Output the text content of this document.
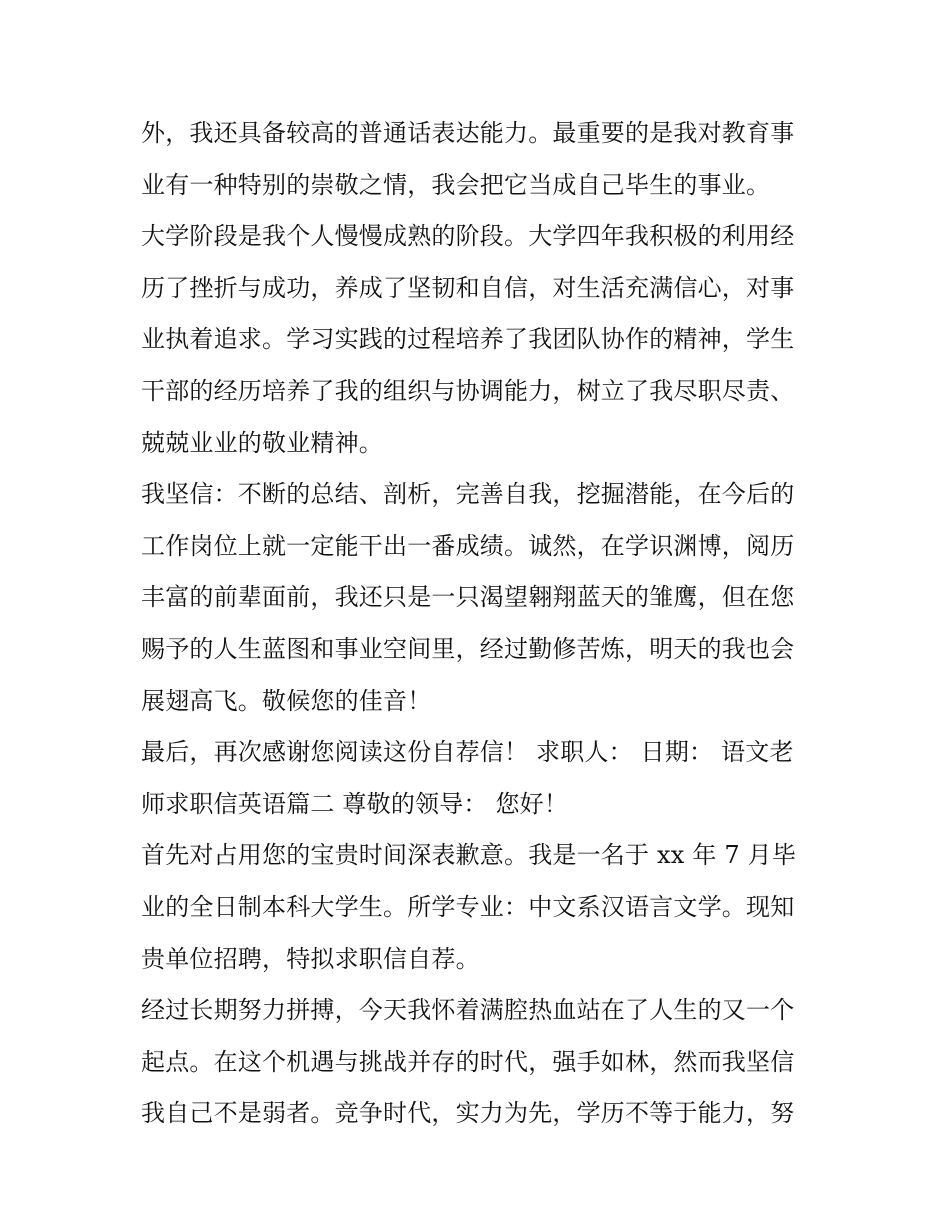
外，我还具备较高的普通话表达能力。最重要的是我对教育事
业有一种特别的崇敬之情，我会把它当成自己毕生的事业。
大学阶段是我个人慢慢成熟的阶段。大学四年我积极的利用经
历了挫折与成功，养成了坚韧和自信，对生活充满信心，对事
业执着追求。学习实践的过程培养了我团队协作的精神，学生
干部的经历培养了我的组织与协调能力，树立了我尽职尽责、
兢兢业业的敬业精神。
我坚信：不断的总结、剖析，完善自我，挖掘潜能，在今后的
工作岗位上就一定能干出一番成绩。诚然，在学识渊博，阅历
丰富的前辈面前，我还只是一只渴望翱翔蓝天的雏鹰，但在您
赐予的人生蓝图和事业空间里，经过勤修苦炼，明天的我也会
展翅高飞。敬候您的佳音！
最后，再次感谢您阅读这份自荐信！ 求职人： 日期： 语文老
师求职信英语篇二 尊敬的领导： 您好！
首先对占用您的宝贵时间深表歉意。我是一名于 xx 年 7 月毕
业的全日制本科大学生。所学专业：中文系汉语言文学。现知
贵单位招聘，特拟求职信自荐。
经过长期努力拼搏，今天我怀着满腔热血站在了人生的又一个
起点。在这个机遇与挑战并存的时代，强手如林，然而我坚信
我自己不是弱者。竞争时代，实力为先，学历不等于能力，努
